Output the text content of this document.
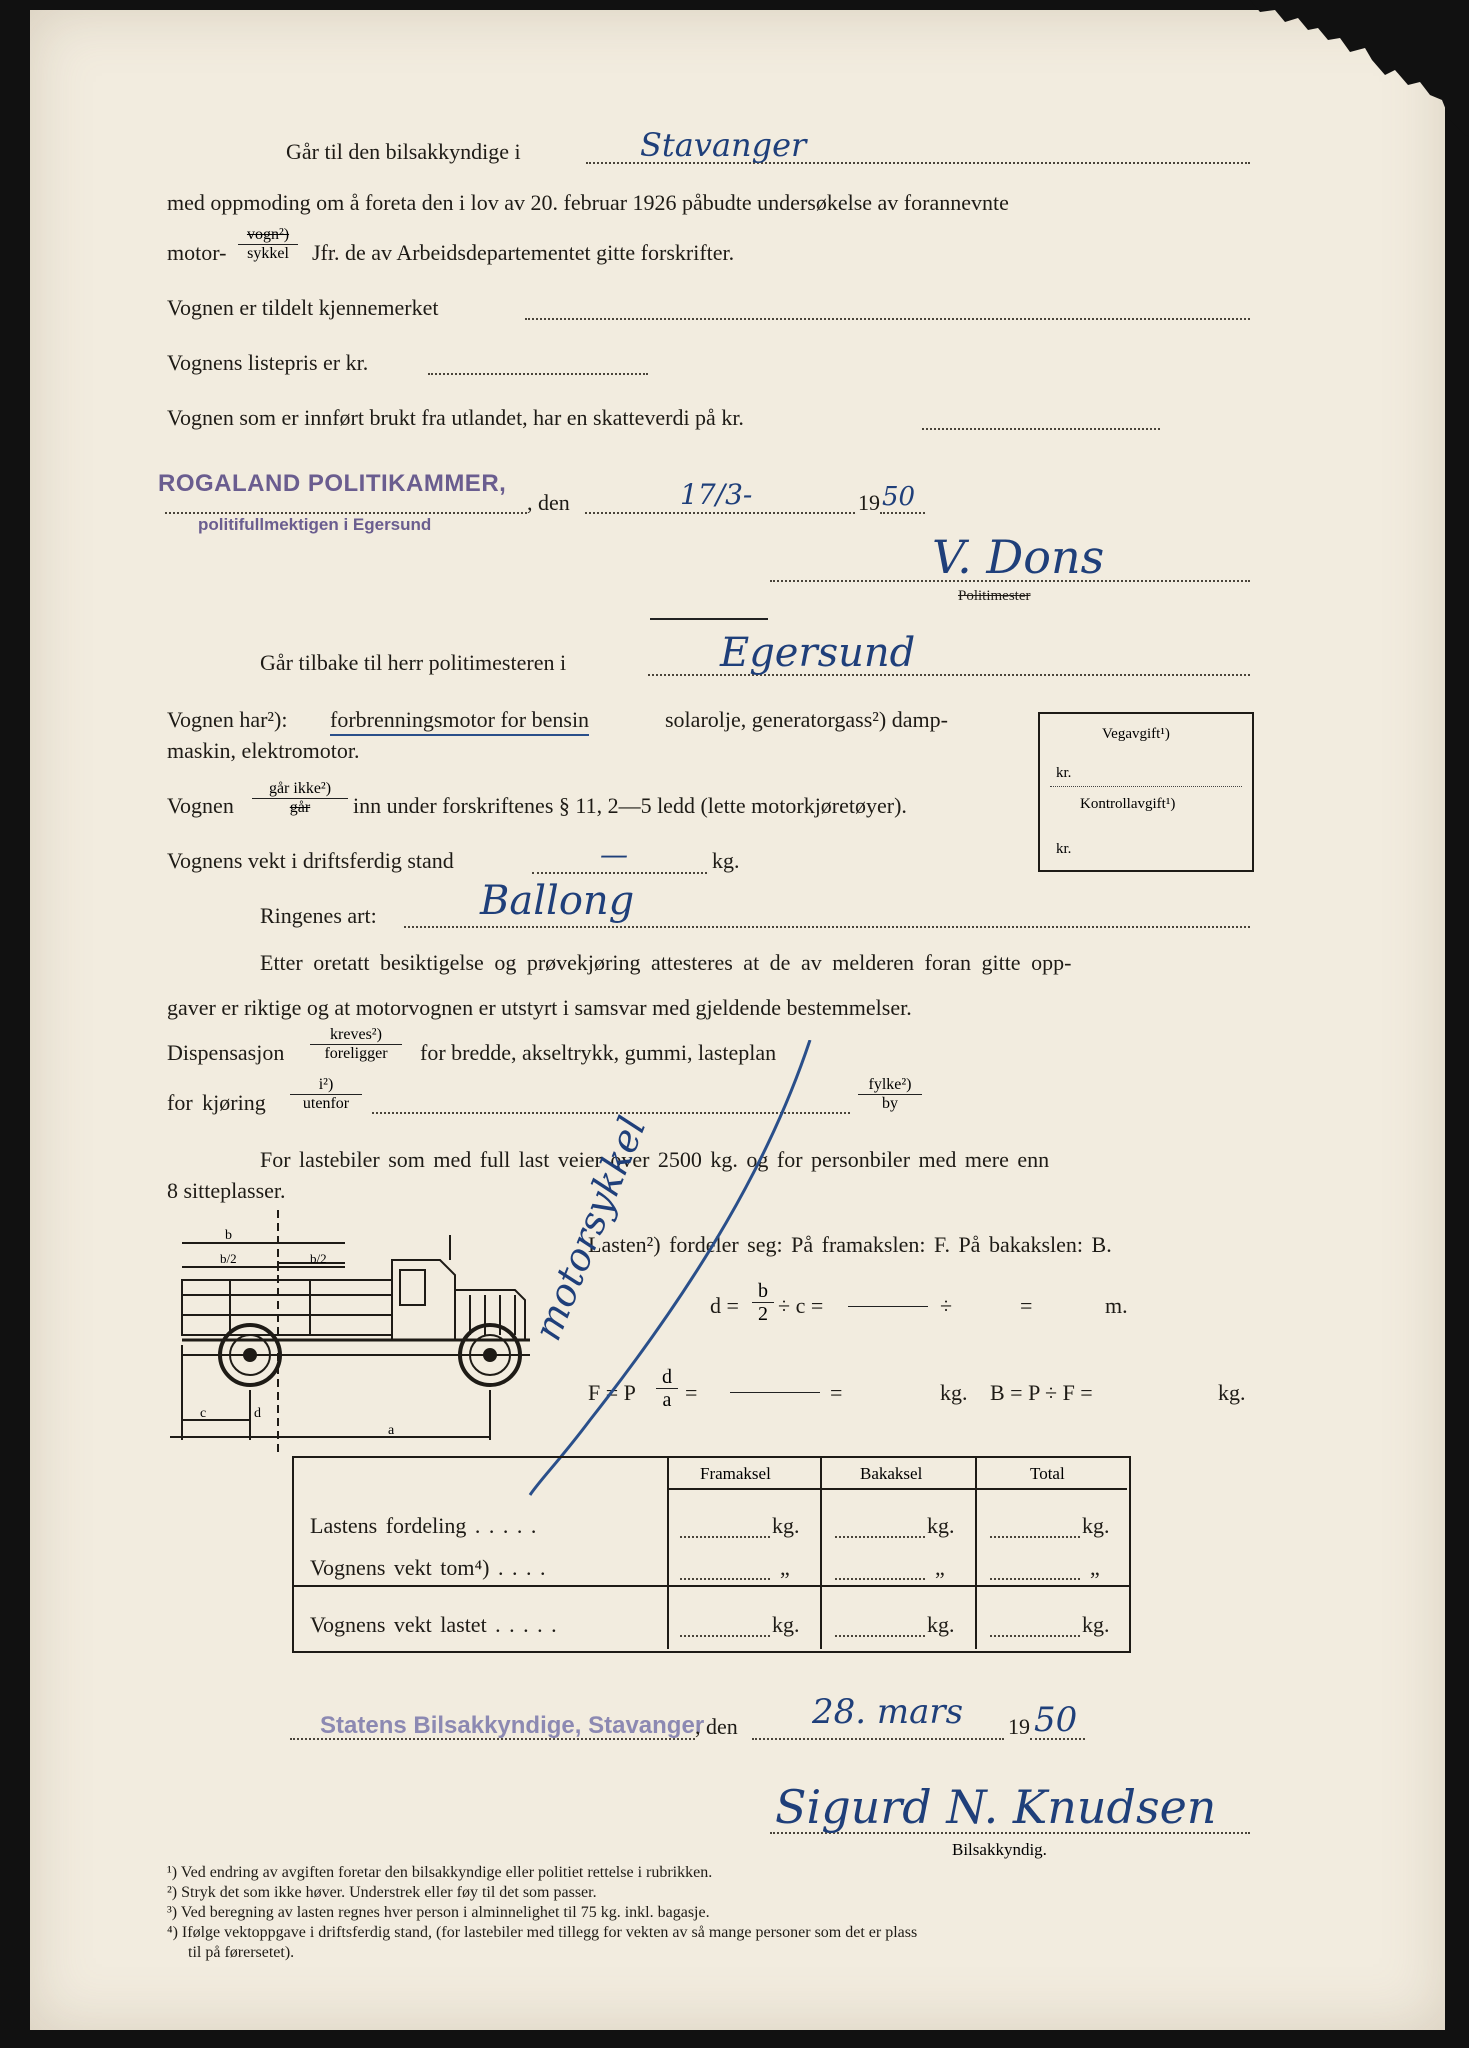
Går til den bilsakkyndige i	Stavanger
med oppmoding om å foreta den i lov av 20. februar 1926 påbudte undersøkelse av forannevnte
motor-
vogn²)
sykkel	Jfr. de av Arbeidsdepartementet gitte forskrifter.
Vognen er tildelt kjennemerket
Vognens listepris er kr.
Vognen som er innført brukt fra utlandet, har en skatteverdi på kr.
ROGALAND POLITIKAMMER,
politifullmektigen i Egersund
, den	17/3-	19 50
V. Dons
Politimester
Går tilbake til herr politimesteren i	Egersund
Vognen har²): forbrenningsmotor for bensin	solarolje, generatorgass²) damp-
maskin, elektromotor.
Vegavgift¹)
kr.
Kontrollavgift¹)
kr.
Vognen
går ikke²)
går	inn under forskriftenes § 11, 2—5 ledd (lette motorkjøretøyer).
Vognens vekt i driftsferdig stand	—	kg.
Ringenes art:	Ballong
Etter oretatt besiktigelse og prøvekjøring attesteres at de av melderen foran gitte opp-
gaver er riktige og at motorvognen er utstyrt i samsvar med gjeldende bestemmelser.
Dispensasjon
kreves²)
foreligger	for bredde, akseltrykk, gummi, lasteplan
for kjøring
i²)
utenfor
fylke²)
by
For lastebiler som med full last veier over 2500 kg. og for personbiler med mere enn
8 sitteplasser.
Lasten²) fordeler seg: På framakslen: F. På bakakslen: B.
$d = \frac{b}{2} \div c$ =	÷	=	m.
F = P $\frac{d}{a}$ =	=	kg. B = P ÷ F =	kg.
b
b/2	b/2
c	d
a
motorsykkel
Framaksel	Bakaksel	Total
Lastens fordeling . . . . .	kg.	kg.	kg.
Vognens vekt tom⁴) . . . .	„	„	„
Vognens vekt lastet . . . . .	kg.	kg.	kg.
Statens Bilsakkyndige, Stavanger
, den 28. mars 19 50
Sigurd N. Knudsen
Bilsakkyndig.
¹) Ved endring av avgiften foretar den bilsakkyndige eller politiet rettelse i rubrikken.
²) Stryk det som ikke høver. Understrek eller føy til det som passer.
³) Ved beregning av lasten regnes hver person i alminnelighet til 75 kg. inkl. bagasje.
⁴) Ifølge vektoppgave i driftsferdig stand, (for lastebiler med tillegg for vekten av så mange personer som det er plass
til på førersetet).
